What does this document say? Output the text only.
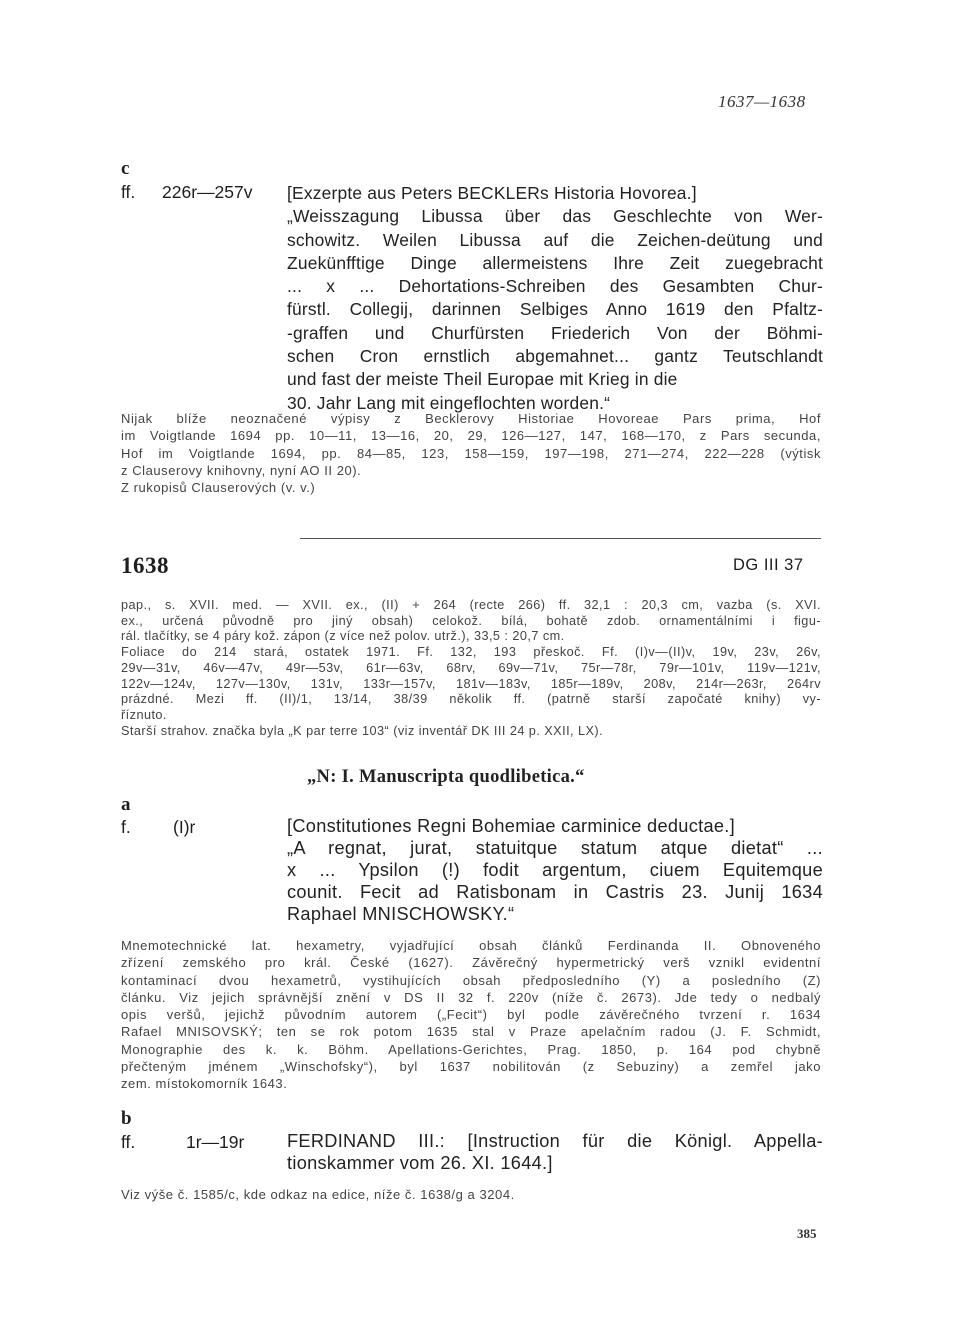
1637—1638
c
ff. 226r—257v [Exzerpte aus Peters BECKLERs Historia Hovorea.]
„Weisszagung Libussa über das Geschlechte von Wer-
schowitz. Weilen Libussa auf die Zeichen-deütung und
Zuekünfftige Dinge allermeistens Ihre Zeit zuegebracht
... x ... Dehortations-Schreiben des Gesambten Chur-
fürstl. Collegij, darinnen Selbiges Anno 1619 den Pfaltz-
-graffen und Churfürsten Friederich Von der Böhmi-
schen Cron ernstlich abgemahnet... gantz Teutschlandt
und fast der meiste Theil Europae mit Krieg in die
30. Jahr Lang mit eingeflochten worden.“
Nijak blíže neoznačené výpisy z Becklerovy Historiae Hovoreae Pars prima, Hof
im Voigtlande 1694 pp. 10—11, 13—16, 20, 29, 126—127, 147, 168—170, z Pars secunda,
Hof im Voigtlande 1694, pp. 84—85, 123, 158—159, 197—198, 271—274, 222—228 (výtisk
z Clauserovy knihovny, nyní AO II 20).
Z rukopisů Clauserových (v. v.)
1638	DG III 37
pap., s. XVII. med. — XVII. ex., (II) + 264 (recte 266) ff. 32,1 : 20,3 cm, vazba (s. XVI.
ex., určená původně pro jiný obsah) celokož. bílá, bohatě zdob. ornamentálními i figu-
rál. tlačítky, se 4 páry kož. zápon (z více než polov. utrž.), 33,5 : 20,7 cm.
Foliace do 214 stará, ostatek 1971. Ff. 132, 193 přeskoč. Ff. (I)v—(II)v, 19v, 23v, 26v,
29v—31v, 46v—47v, 49r—53v, 61r—63v, 68rv, 69v—71v, 75r—78r, 79r—101v, 119v—121v,
122v—124v, 127v—130v, 131v, 133r—157v, 181v—183v, 185r—189v, 208v, 214r—263r, 264rv
prázdné. Mezi ff. (II)/1, 13/14, 38/39 několik ff. (patrně starší započaté knihy) vy-
říznuto.
Starší strahov. značka byla „K par terre 103“ (viz inventář DK III 24 p. XXII, LX).
„N: I. Manuscripta quodlibetica.“
a
f. (I)r	[Constitutiones Regni Bohemiae carminice deductae.]
„A regnat, jurat, statuitque statum atque dietat“ ...
x ... Ypsilon (!) fodit argentum, ciuem Equitemque
counit. Fecit ad Ratisbonam in Castris 23. Junij 1634
Raphael MNISCHOWSKY.“
Mnemotechnické lat. hexametry, vyjadřující obsah článků Ferdinanda II. Obnoveného
zřízení zemského pro král. České (1627). Závěrečný hypermetrický verš vznikl evidentní
kontaminací dvou hexametrů, vystihujících obsah předposledního (Y) a posledního (Z)
článku. Viz jejich správnější znění v DS II 32 f. 220v (níže č. 2673). Jde tedy o nedbalý
opis veršů, jejichž původním autorem („Fecit“) byl podle závěrečného tvrzení r. 1634
Rafael MNISOVSKÝ; ten se rok potom 1635 stal v Praze apelačním radou (J. F. Schmidt,
Monographie des k. k. Böhm. Apellations-Gerichtes, Prag. 1850, p. 164 pod chybně
přečteným jménem „Winschofsky“), byl 1637 nobilitován (z Sebuziny) a zemřel jako
zem. místokomorník 1643.
b
ff.	1r—19r FERDINAND III.: [Instruction für die Königl. Appella-
tionskammer vom 26. XI. 1644.]
Viz výše č. 1585/c, kde odkaz na edice, níže č. 1638/g a 3204.
385
